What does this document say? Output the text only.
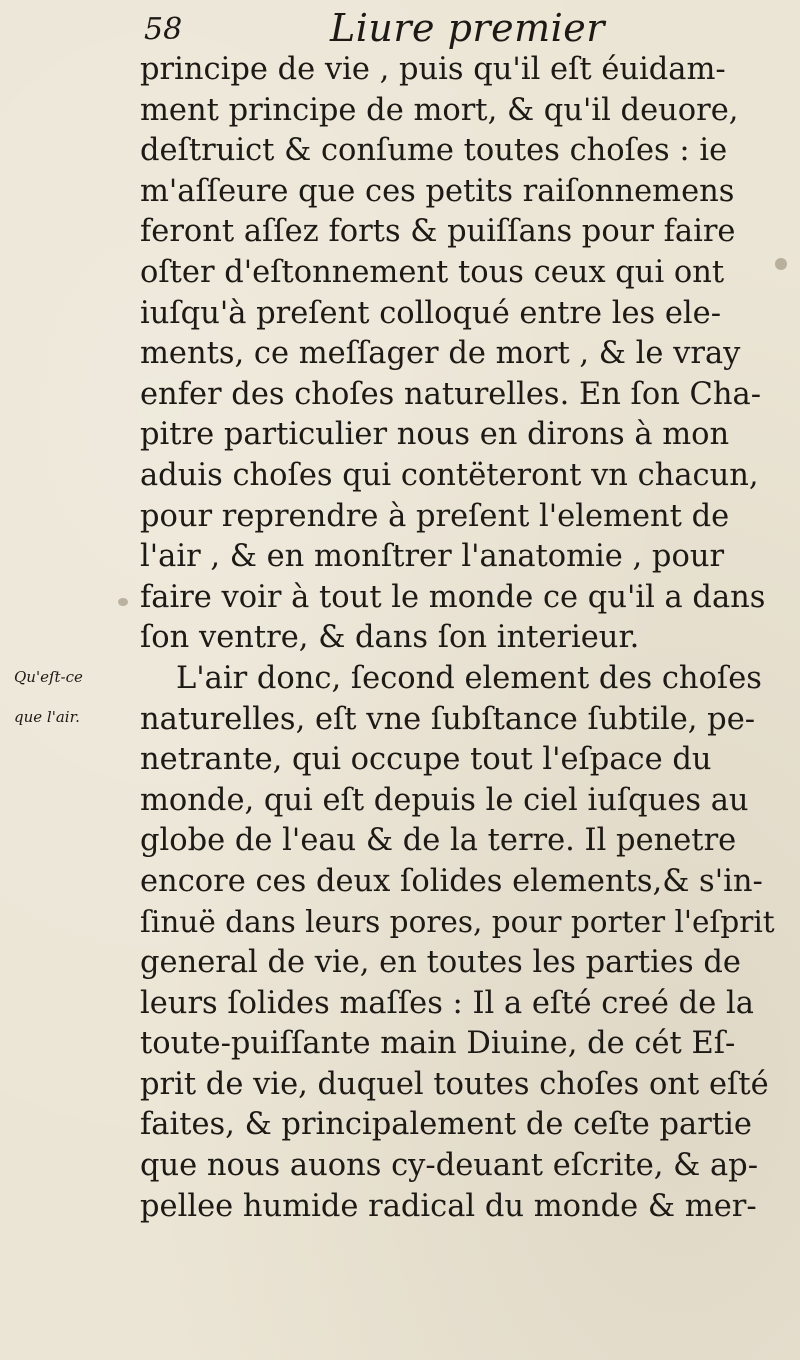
58	Liure premier
Qu'eſt-ce
que l'air.
principe de vie , puis qu'il eſt éuidam-
ment principe de mort, & qu'il deuore,
deſtruict & conſume toutes choſes : ie
m'aſſeure que ces petits raiſonnemens
feront aſſez forts & puiſſans pour faire
oſter d'eſtonnement tous ceux qui ont
iuſqu'à preſent colloqué entre les ele-
ments, ce meſſager de mort , & le vray
enfer des choſes naturelles. En ſon Cha-
pitre particulier nous en dirons à mon
aduis choſes qui contëteront vn chacun,
pour reprendre à preſent l'element de
l'air , & en monſtrer l'anatomie , pour
faire voir à tout le monde ce qu'il a dans
ſon ventre, & dans ſon interieur.
L'air donc, ſecond element des choſes
naturelles, eſt vne ſubſtance ſubtile, pe-
netrante, qui occupe tout l'eſpace du
monde, qui eſt depuis le ciel iuſques au
globe de l'eau & de la terre. Il penetre
encore ces deux ſolides elements,& s'in-
ſinuë dans leurs pores, pour porter l'eſprit
general de vie, en toutes les parties de
leurs ſolides maſſes : Il a eſté creé de la
toute-puiſſante main Diuine, de cét Eſ-
prit de vie, duquel toutes choſes ont eſté
faites, & principalement de ceſte partie
que nous auons cy-deuant eſcrite, & ap-
pellee humide radical du monde & mer-
